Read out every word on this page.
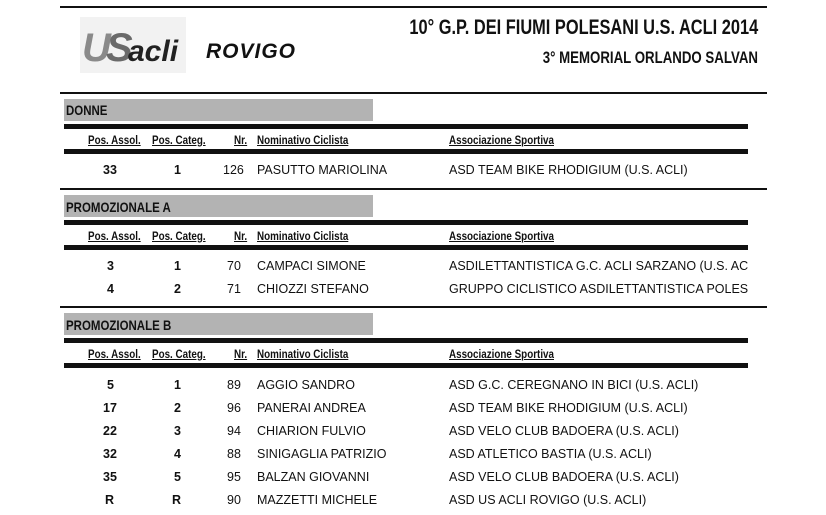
U
S
acli ROVIGO
10° G.P. DEI FIUMI POLESANI U.S. ACLI 2014
3° MEMORIAL ORLANDO SALVAN
DONNE
Pos. Assol. Pos. Categ. Nr. Nominativo Ciclista	Associazione Sportiva
33	1	126 PASUTTO MARIOLINA	ASD TEAM BIKE RHODIGIUM (U.S. ACLI)
PROMOZIONALE A
Pos. Assol. Pos. Categ. Nr. Nominativo Ciclista	Associazione Sportiva
3	1	70 CAMPACI SIMONE	ASDILETTANTISTICA G.C. ACLI SARZANO (U.S. AC
4	2	71 CHIOZZI STEFANO	GRUPPO CICLISTICO ASDILETTANTISTICA POLES
PROMOZIONALE B
Pos. Assol. Pos. Categ. Nr. Nominativo Ciclista	Associazione Sportiva
5	1	89 AGGIO SANDRO	ASD G.C. CEREGNANO IN BICI (U.S. ACLI)
17	2	96 PANERAI ANDREA	ASD TEAM BIKE RHODIGIUM (U.S. ACLI)
22	3	94 CHIARION FULVIO	ASD VELO CLUB BADOERA (U.S. ACLI)
32	4	88 SINIGAGLIA PATRIZIO	ASD ATLETICO BASTIA (U.S. ACLI)
35	5	95 BALZAN GIOVANNI	ASD VELO CLUB BADOERA (U.S. ACLI)
R	R	90 MAZZETTI MICHELE	ASD US ACLI ROVIGO (U.S. ACLI)
